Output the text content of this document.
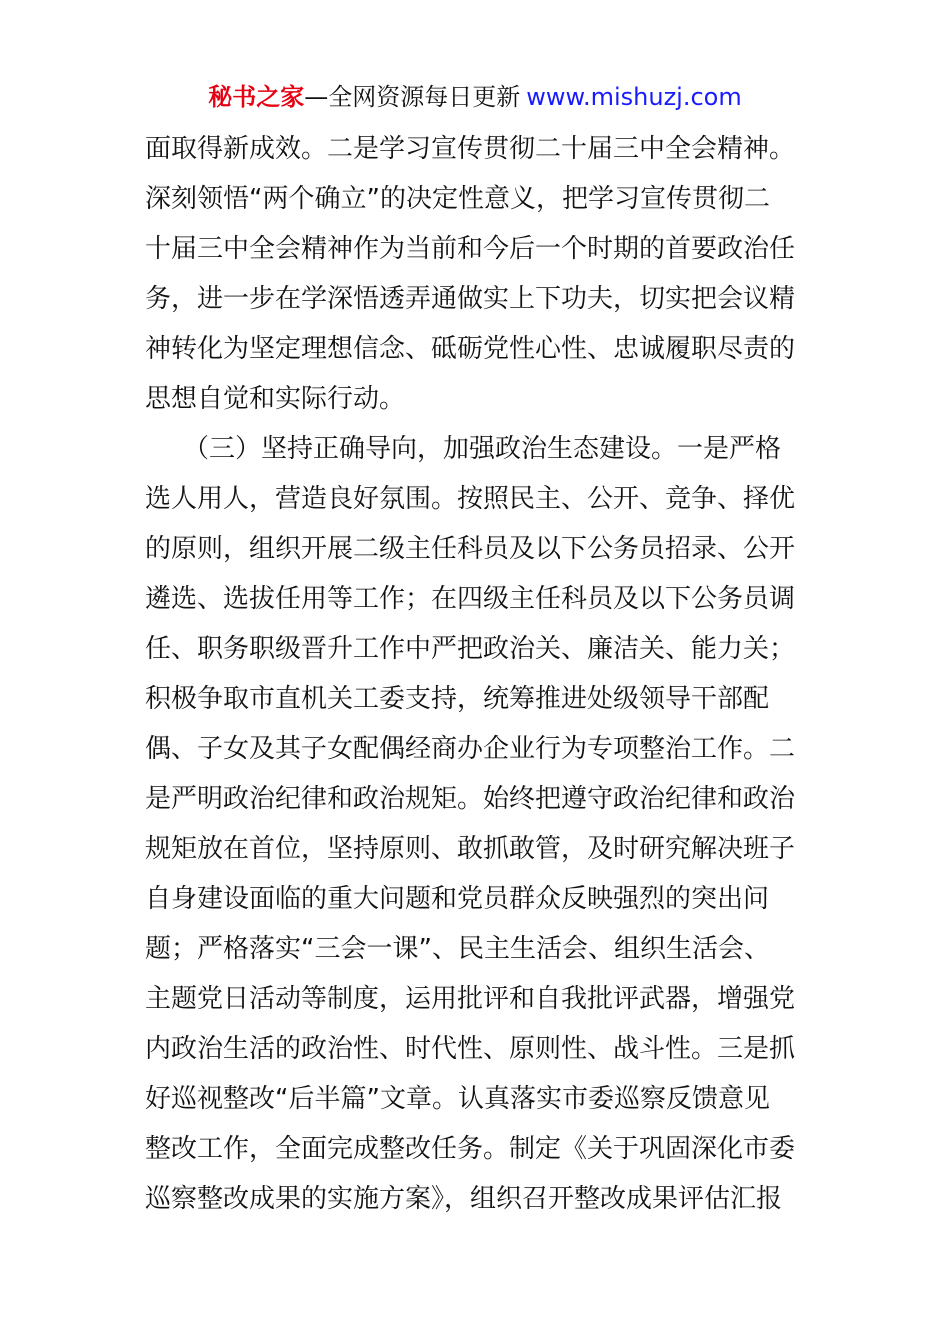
秘书之家—全网资源每日更新 www.mishuzj.com
面取得新成效。二是学习宣传贯彻二十届三中全会精神。
深刻领悟“两个确立”的决定性意义，把学习宣传贯彻二
十届三中全会精神作为当前和今后一个时期的首要政治任
务，进一步在学深悟透弄通做实上下功夫，切实把会议精
神转化为坚定理想信念、砥砺党性心性、忠诚履职尽责的
思想自觉和实际行动。
（三）坚持正确导向，加强政治生态建设。一是严格
选人用人，营造良好氛围。按照民主、公开、竞争、择优
的原则，组织开展二级主任科员及以下公务员招录、公开
遴选、选拔任用等工作；在四级主任科员及以下公务员调
任、职务职级晋升工作中严把政治关、廉洁关、能力关；
积极争取市直机关工委支持，统筹推进处级领导干部配
偶、子女及其子女配偶经商办企业行为专项整治工作。二
是严明政治纪律和政治规矩。始终把遵守政治纪律和政治
规矩放在首位，坚持原则、敢抓敢管，及时研究解决班子
自身建设面临的重大问题和党员群众反映强烈的突出问
题；严格落实“三会一课”、民主生活会、组织生活会、
主题党日活动等制度，运用批评和自我批评武器，增强党
内政治生活的政治性、时代性、原则性、战斗性。三是抓
好巡视整改“后半篇”文章。认真落实市委巡察反馈意见
整改工作，全面完成整改任务。制定《关于巩固深化市委
巡察整改成果的实施方案》，组织召开整改成果评估汇报
